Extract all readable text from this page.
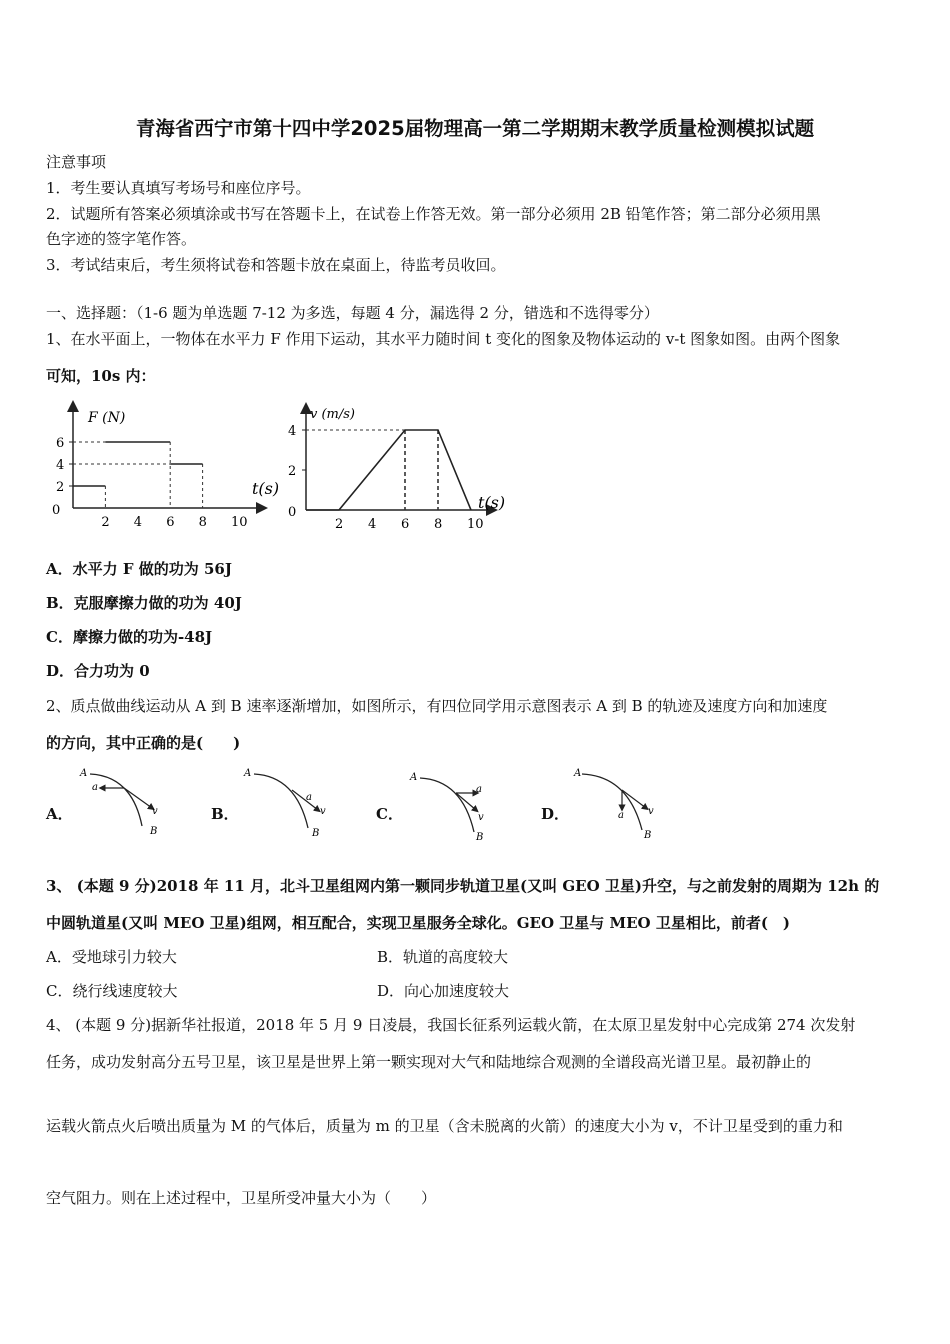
青海省西宁市第十四中学2025届物理高一第二学期期末教学质量检测模拟试题
注意事项
1．考生要认真填写考场号和座位序号。
2．试题所有答案必须填涂或书写在答题卡上，在试卷上作答无效。第一部分必须用 2B 铅笔作答；第二部分必须用黑
色字迹的签字笔作答。
3．考试结束后，考生须将试卷和答题卡放在桌面上，待监考员收回。
一、选择题：（1-6 题为单选题 7-12 为多选，每题 4 分，漏选得 2 分，错选和不选得零分）
1、在水平面上，一物体在水平力 F 作用下运动，其水平力随时间 t 变化的图象及物体运动的 v-t 图象如图。由两个图象
可知，10s 内：
F (N)
t(s)
0
2 4 6 8 10
2
4
6
v (m/s)
t(s)
0
2 4 6 8 10
2
4
A．水平力 F 做的功为 56J
B．克服摩擦力做的功为 40J
C．摩擦力做的功为-48J
D．合力功为 0
2、质点做曲线运动从 A 到 B 速率逐渐增加，如图所示，有四位同学用示意图表示 A 到 B 的轨迹及速度方向和加速度
的方向，其中正确的是(　　)
A．
A
a
v
B
B．
A
a
v
B
C．
A
a
v
B
D．
A
a v
B
3、 (本题 9 分)2018 年 11 月，北斗卫星组网内第一颗同步轨道卫星(又叫 GEO 卫星)升空，与之前发射的周期为 12h 的
中圆轨道星(又叫 MEO 卫星)组网，相互配合，实现卫星服务全球化。GEO 卫星与 MEO 卫星相比，前者(　)
A．受地球引力较大	B．轨道的高度较大
C．绕行线速度较大	D．向心加速度较大
4、 (本题 9 分)据新华社报道，2018 年 5 月 9 日凌晨，我国长征系列运载火箭，在太原卫星发射中心完成第 274 次发射
任务，成功发射高分五号卫星，该卫星是世界上第一颗实现对大气和陆地综合观测的全谱段高光谱卫星。最初静止的
运载火箭点火后喷出质量为 M 的气体后，质量为 m 的卫星（含未脱离的火箭）的速度大小为 v，不计卫星受到的重力和
空气阻力。则在上述过程中，卫星所受冲量大小为（　　）
